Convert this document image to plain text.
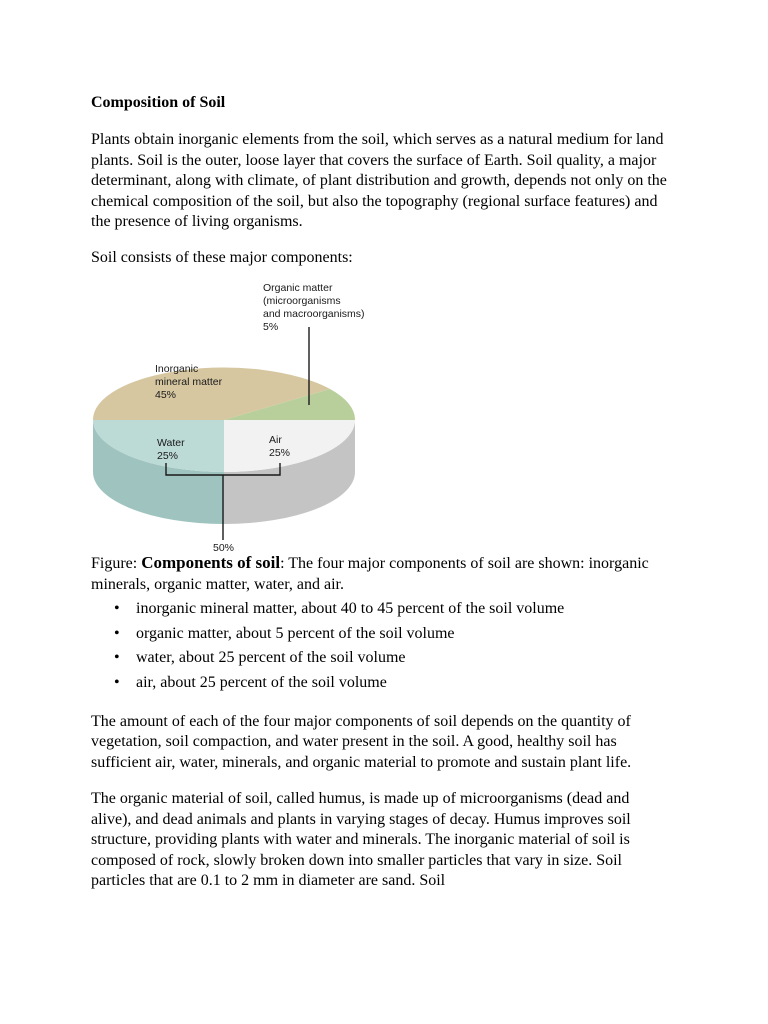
Composition of Soil

Plants obtain inorganic elements from the soil, which serves as a natural medium for land plants. Soil is the outer, loose layer that covers the surface of Earth. Soil quality, a major determinant, along with climate, of plant distribution and growth, depends not only on the chemical composition of the soil, but also the topography (regional surface features) and the presence of living organisms.

Soil consists of these major components:

Organic matter
(microorganisms
and macroorganisms)
5%
Inorganic
mineral matter
45%
Water
25%
Air
25%
50%

Figure: Components of soil: The four major components of soil are shown: inorganic minerals, organic matter, water, and air.

• inorganic mineral matter, about 40 to 45 percent of the soil volume
• organic matter, about 5 percent of the soil volume
• water, about 25 percent of the soil volume
• air, about 25 percent of the soil volume

The amount of each of the four major components of soil depends on the quantity of vegetation, soil compaction, and water present in the soil. A good, healthy soil has sufficient air, water, minerals, and organic material to promote and sustain plant life.

The organic material of soil, called humus, is made up of microorganisms (dead and alive), and dead animals and plants in varying stages of decay. Humus improves soil structure, providing plants with water and minerals. The inorganic material of soil is composed of rock, slowly broken down into smaller particles that vary in size. Soil particles that are 0.1 to 2 mm in diameter are sand. Soil
